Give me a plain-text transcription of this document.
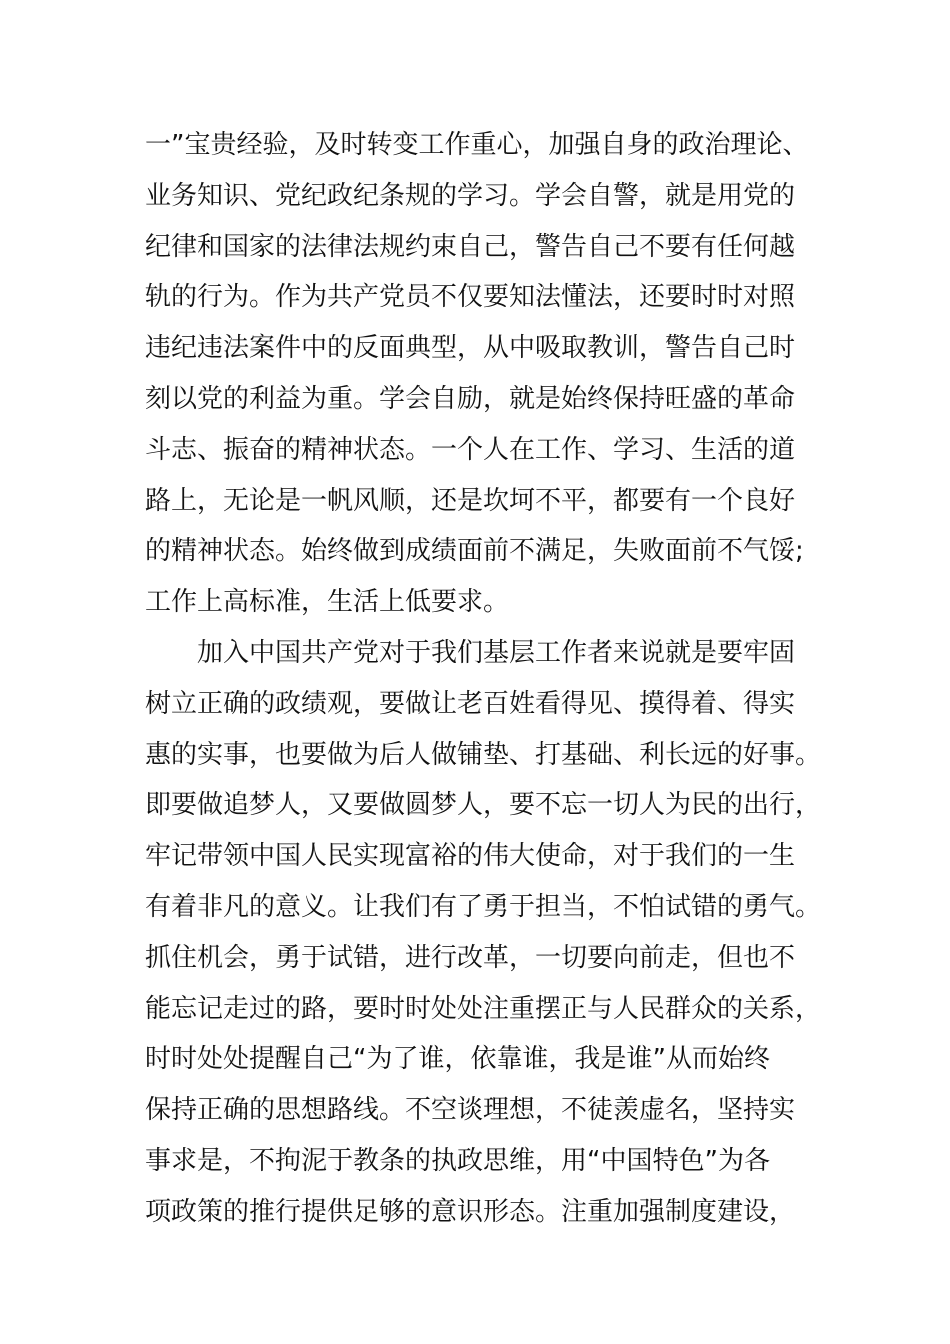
一”宝贵经验，及时转变工作重心，加强自身的政治理论、
业务知识、党纪政纪条规的学习。学会自警，就是用党的
纪律和国家的法律法规约束自己，警告自己不要有任何越
轨的行为。作为共产党员不仅要知法懂法，还要时时对照
违纪违法案件中的反面典型，从中吸取教训，警告自己时
刻以党的利益为重。学会自励，就是始终保持旺盛的革命
斗志、振奋的精神状态。一个人在工作、学习、生活的道
路上，无论是一帆风顺，还是坎坷不平，都要有一个良好
的精神状态。始终做到成绩面前不满足，失败面前不气馁;
工作上高标准，生活上低要求。
加入中国共产党对于我们基层工作者来说就是要牢固
树立正确的政绩观，要做让老百姓看得见、摸得着、得实
惠的实事，也要做为后人做铺垫、打基础、利长远的好事。
即要做追梦人，又要做圆梦人，要不忘一切人为民的出行，
牢记带领中国人民实现富裕的伟大使命，对于我们的一生
有着非凡的意义。让我们有了勇于担当，不怕试错的勇气。
抓住机会，勇于试错，进行改革，一切要向前走，但也不
能忘记走过的路，要时时处处注重摆正与人民群众的关系，
时时处处提醒自己“为了谁，依靠谁，我是谁”从而始终
保持正确的思想路线。不空谈理想，不徒羡虚名，坚持实
事求是，不拘泥于教条的执政思维，用“中国特色”为各
项政策的推行提供足够的意识形态。注重加强制度建设，
